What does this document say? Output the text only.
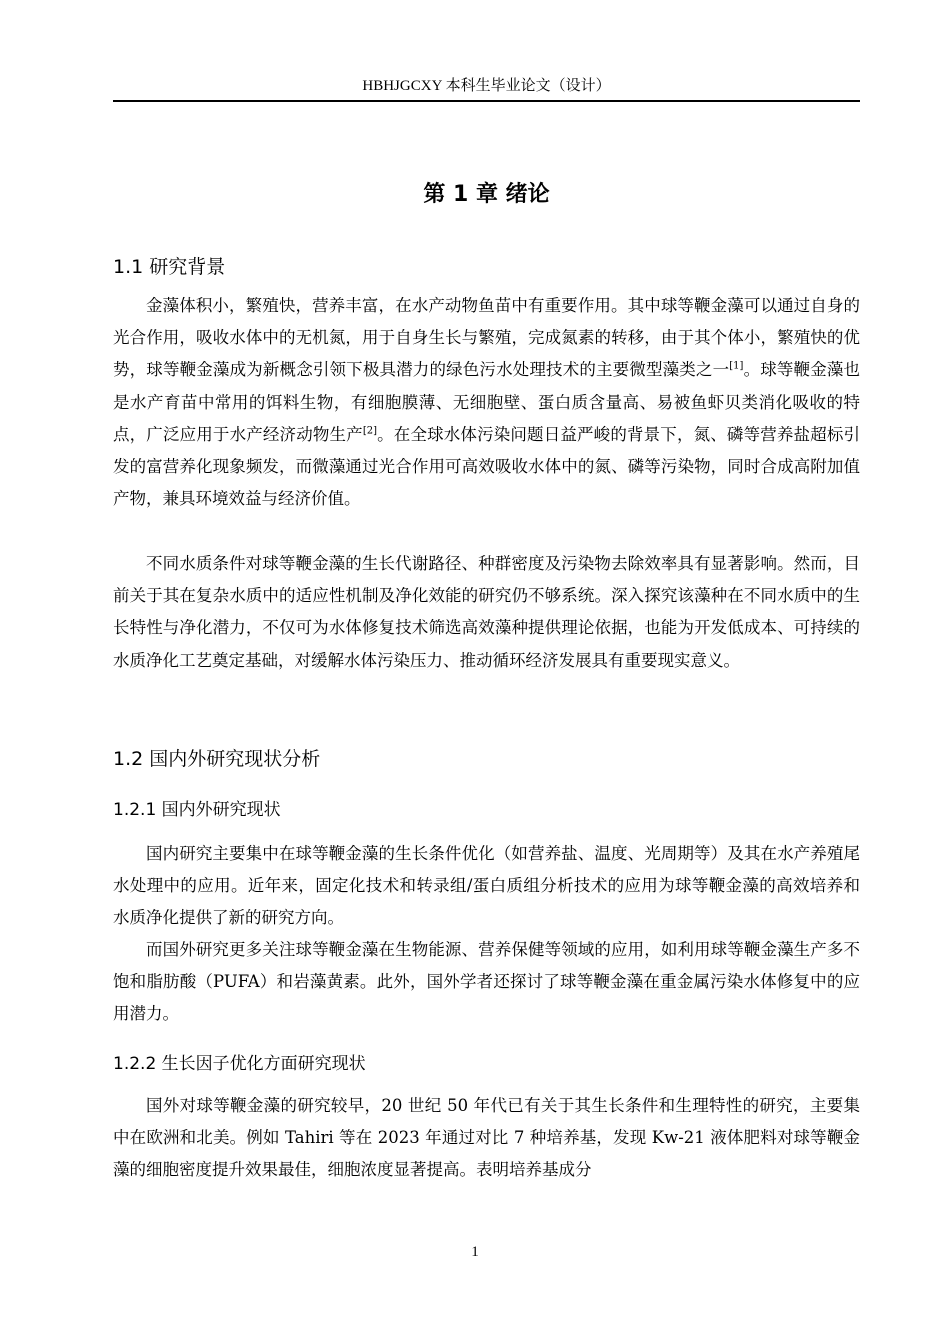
HBHJGCXY 本科生毕业论文（设计）
第 1 章 绪论
1.1 研究背景

金藻体积小，繁殖快，营养丰富，在水产动物鱼苗中有重要作用。其中球等鞭金藻可以通过自身的光合作用，吸收水体中的无机氮，用于自身生长与繁殖，完成氮素的转移，由于其个体小，繁殖快的优势，球等鞭金藻成为新概念引领下极具潜力的绿色污水处理技术的主要微型藻类之一[1]。球等鞭金藻也是水产育苗中常用的饵料生物，有细胞膜薄、无细胞壁、蛋白质含量高、易被鱼虾贝类消化吸收的特点，广泛应用于水产经济动物生产[2]。在全球水体污染问题日益严峻的背景下，氮、磷等营养盐超标引发的富营养化现象频发，而微藻通过光合作用可高效吸收水体中的氮、磷等污染物，同时合成高附加值产物，兼具环境效益与经济价值。

不同水质条件对球等鞭金藻的生长代谢路径、种群密度及污染物去除效率具有显著影响。然而，目前关于其在复杂水质中的适应性机制及净化效能的研究仍不够系统。深入探究该藻种在不同水质中的生长特性与净化潜力，不仅可为水体修复技术筛选高效藻种提供理论依据，也能为开发低成本、可持续的水质净化工艺奠定基础，对缓解水体污染压力、推动循环经济发展具有重要现实意义。

1.2 国内外研究现状分析
1.2.1 国内外研究现状

国内研究主要集中在球等鞭金藻的生长条件优化（如营养盐、温度、光周期等）及其在水产养殖尾水处理中的应用。近年来，固定化技术和转录组/蛋白质组分析技术的应用为球等鞭金藻的高效培养和水质净化提供了新的研究方向。

而国外研究更多关注球等鞭金藻在生物能源、营养保健等领域的应用，如利用球等鞭金藻生产多不饱和脂肪酸（PUFA）和岩藻黄素。此外，国外学者还探讨了球等鞭金藻在重金属污染水体修复中的应用潜力。

1.2.2 生长因子优化方面研究现状

国外对球等鞭金藻的研究较早，20 世纪 50 年代已有关于其生长条件和生理特性的研究，主要集中在欧洲和北美。例如 Tahiri 等在 2023 年通过对比 7 种培养基，发现 Kw-21 液体肥料对球等鞭金藻的细胞密度提升效果最佳，细胞浓度显著提高。表明培养基成分

1
